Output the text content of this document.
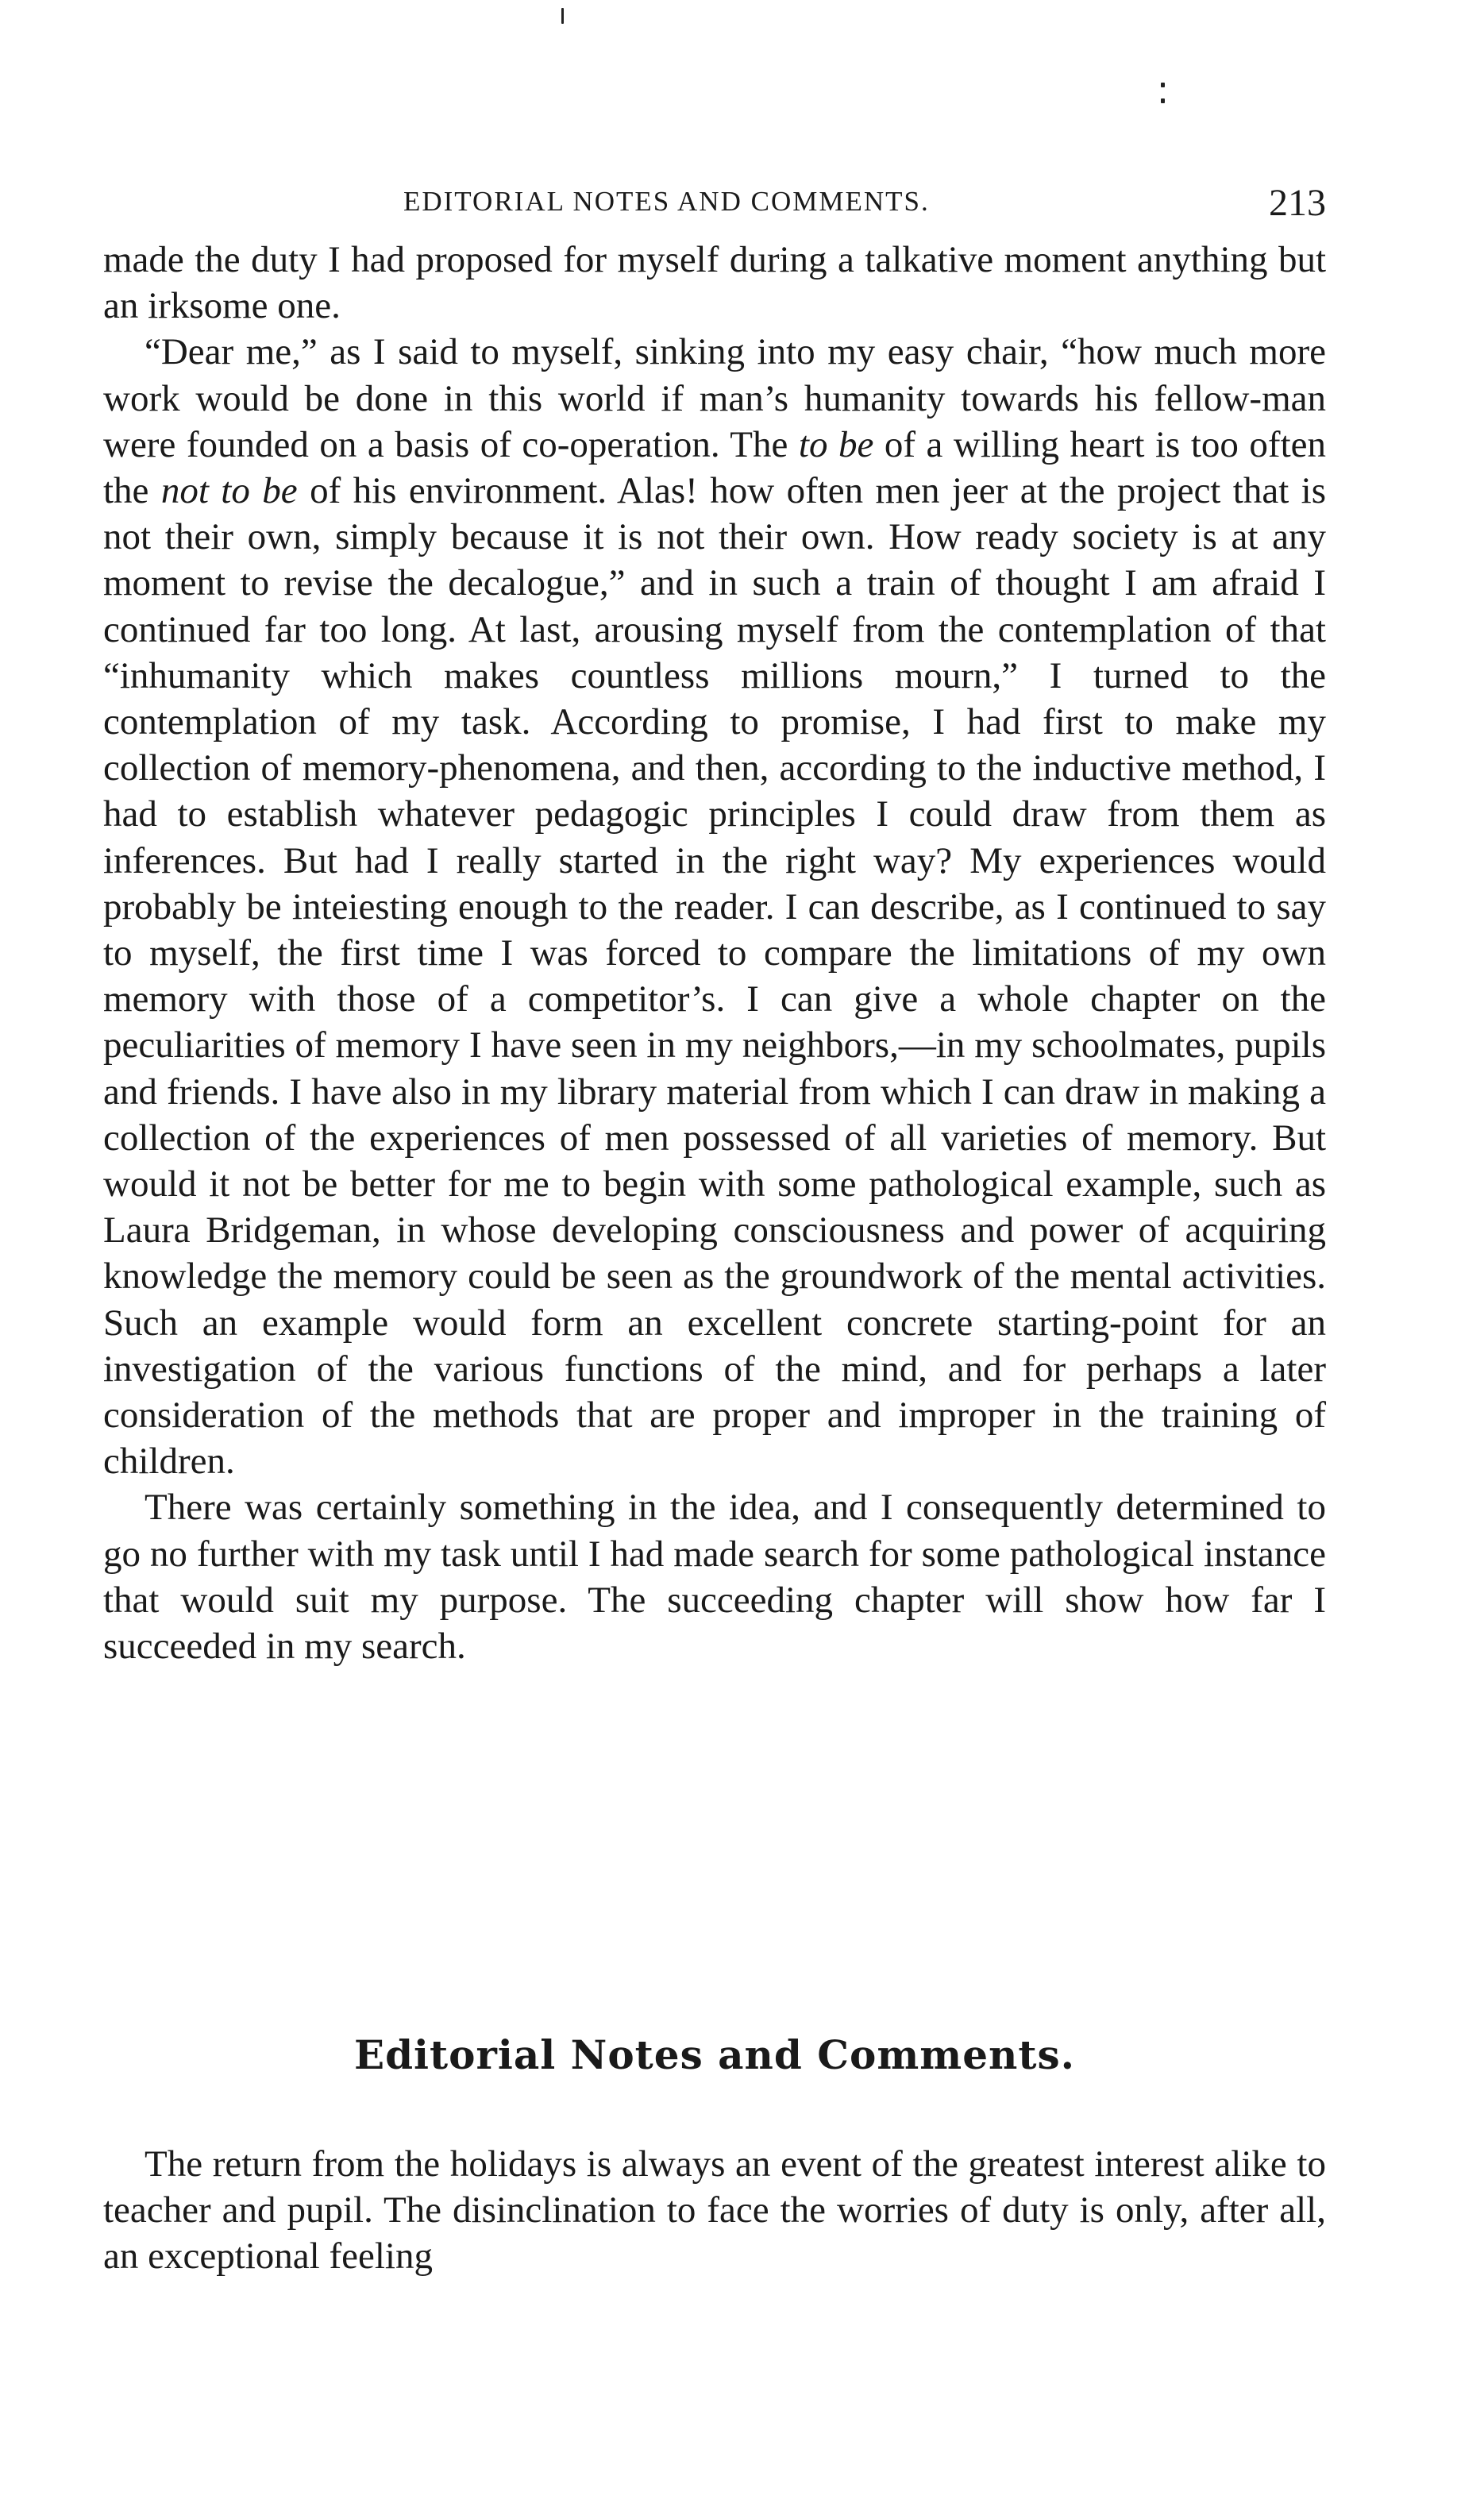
EDITORIAL NOTES AND COMMENTS.	213

made the duty I had proposed for myself during a talkative moment anything but an irksome one.

“Dear me,” as I said to myself, sinking into my easy chair, “how much more work would be done in this world if man’s humanity towards his fellow-man were founded on a basis of co-operation. The to be of a willing heart is too often the not to be of his environment. Alas! how often men jeer at the project that is not their own, simply because it is not their own. How ready society is at any moment to revise the decalogue,” and in such a train of thought I am afraid I continued far too long. At last, arousing myself from the contemplation of that “inhumanity which makes countless millions mourn,” I turned to the contemplation of my task. According to promise, I had first to make my collection of memory-phenomena, and then, according to the inductive method, I had to establish whatever pedagogic principles I could draw from them as inferences. But had I really started in the right way? My experiences would probably be inteiesting enough to the reader. I can describe, as I continued to say to myself, the first time I was forced to compare the limitations of my own memory with those of a competitor’s. I can give a whole chapter on the peculiarities of memory I have seen in my neighbors,—in my schoolmates, pupils and friends. I have also in my library material from which I can draw in making a collection of the experiences of men possessed of all varieties of memory. But would it not be better for me to begin with some pathological example, such as Laura Bridgeman, in whose developing consciousness and power of acquiring knowledge the memory could be seen as the groundwork of the mental activities. Such an example would form an excellent concrete starting-point for an investigation of the various functions of the mind, and for perhaps a later consideration of the methods that are proper and improper in the training of children.

There was certainly something in the idea, and I consequently determined to go no further with my task until I had made search for some pathological instance that would suit my purpose. The succeeding chapter will show how far I succeeded in my search.

Editorial Notes and Comments.

The return from the holidays is always an event of the greatest interest alike to teacher and pupil. The disinclination to face the worries of duty is only, after all, an exceptional feeling
